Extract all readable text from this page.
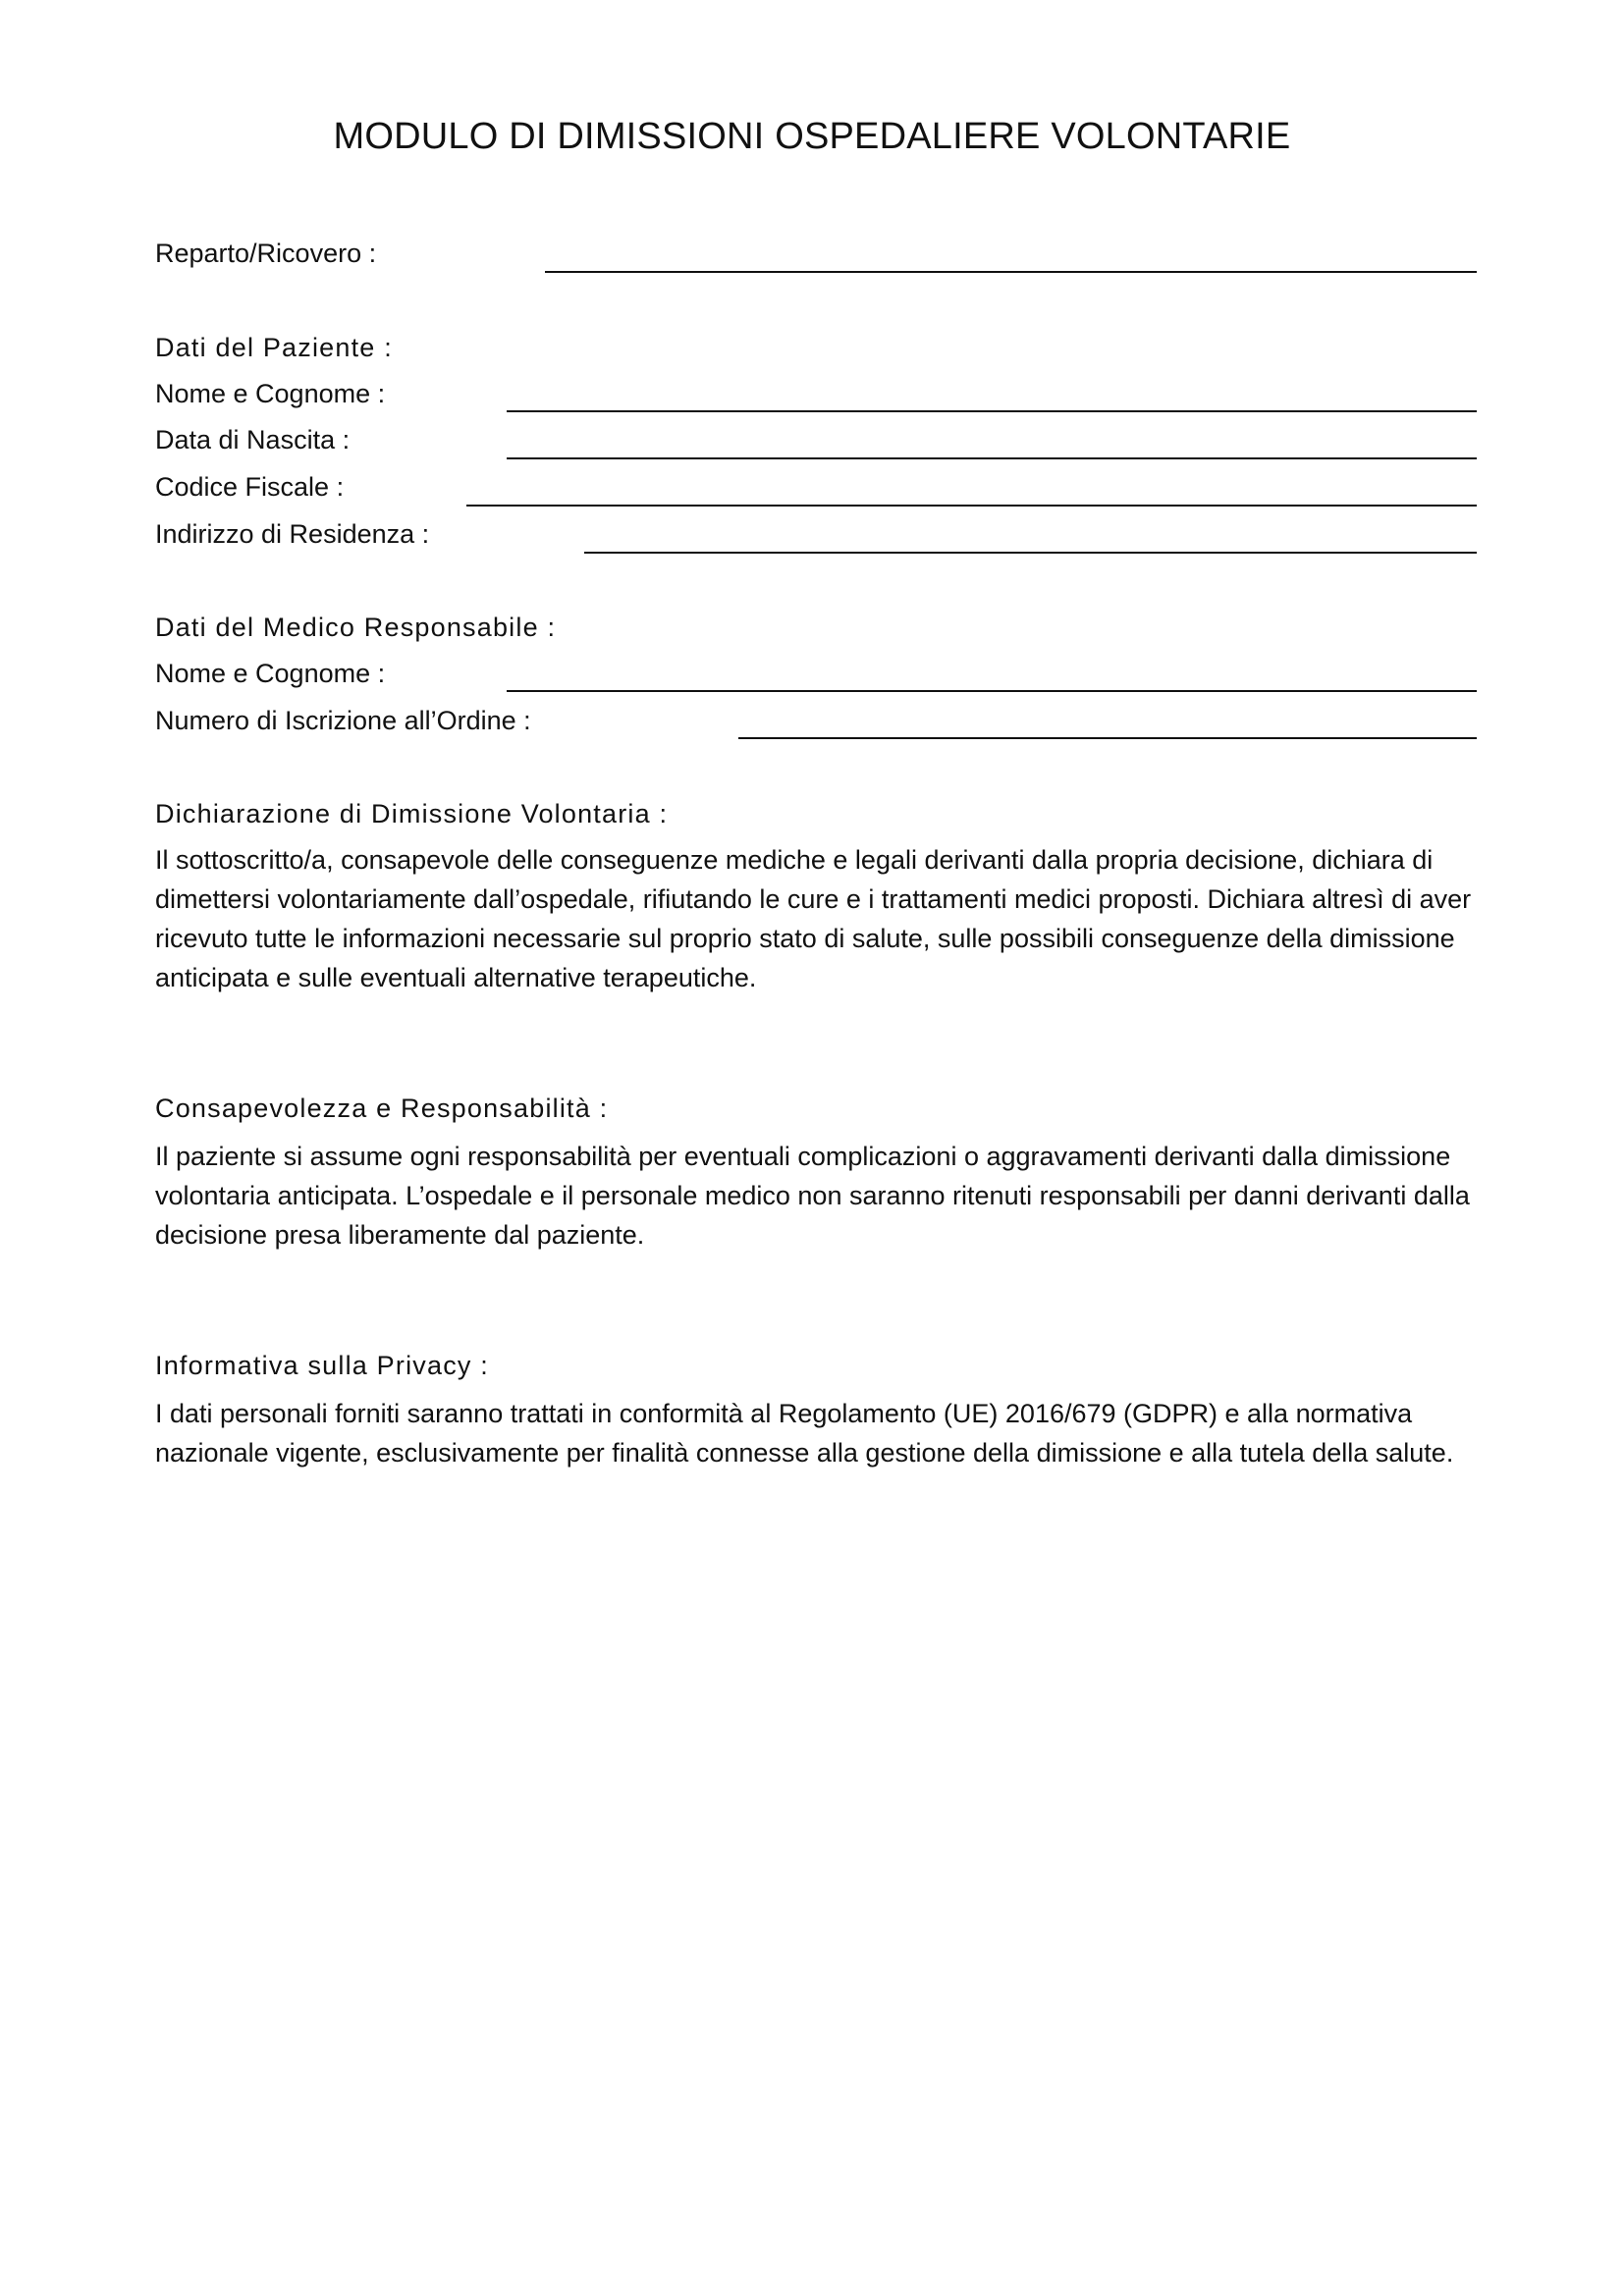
MODULO DI DIMISSIONI OSPEDALIERE VOLONTARIE
Reparto/Ricovero :
Dati del Paziente :
Nome e Cognome :
Data di Nascita :
Codice Fiscale :
Indirizzo di Residenza :
Dati del Medico Responsabile :
Nome e Cognome :
Numero di Iscrizione all’Ordine :
Dichiarazione di Dimissione Volontaria :
Il sottoscritto/a, consapevole delle conseguenze mediche e legali derivanti dalla propria decisione, dichiara di dimettersi volontariamente dall’ospedale, rifiutando le cure e i trattamenti medici proposti. Dichiara altresì di aver ricevuto tutte le informazioni necessarie sul proprio stato di salute, sulle possibili conseguenze della dimissione anticipata e sulle eventuali alternative terapeutiche.
Consapevolezza e Responsabilità :
Il paziente si assume ogni responsabilità per eventuali complicazioni o aggravamenti derivanti dalla dimissione volontaria anticipata. L’ospedale e il personale medico non saranno ritenuti responsabili per danni derivanti dalla decisione presa liberamente dal paziente.
Informativa sulla Privacy :
I dati personali forniti saranno trattati in conformità al Regolamento (UE) 2016/679 (GDPR) e alla normativa nazionale vigente, esclusivamente per finalità connesse alla gestione della dimissione e alla tutela della salute.
